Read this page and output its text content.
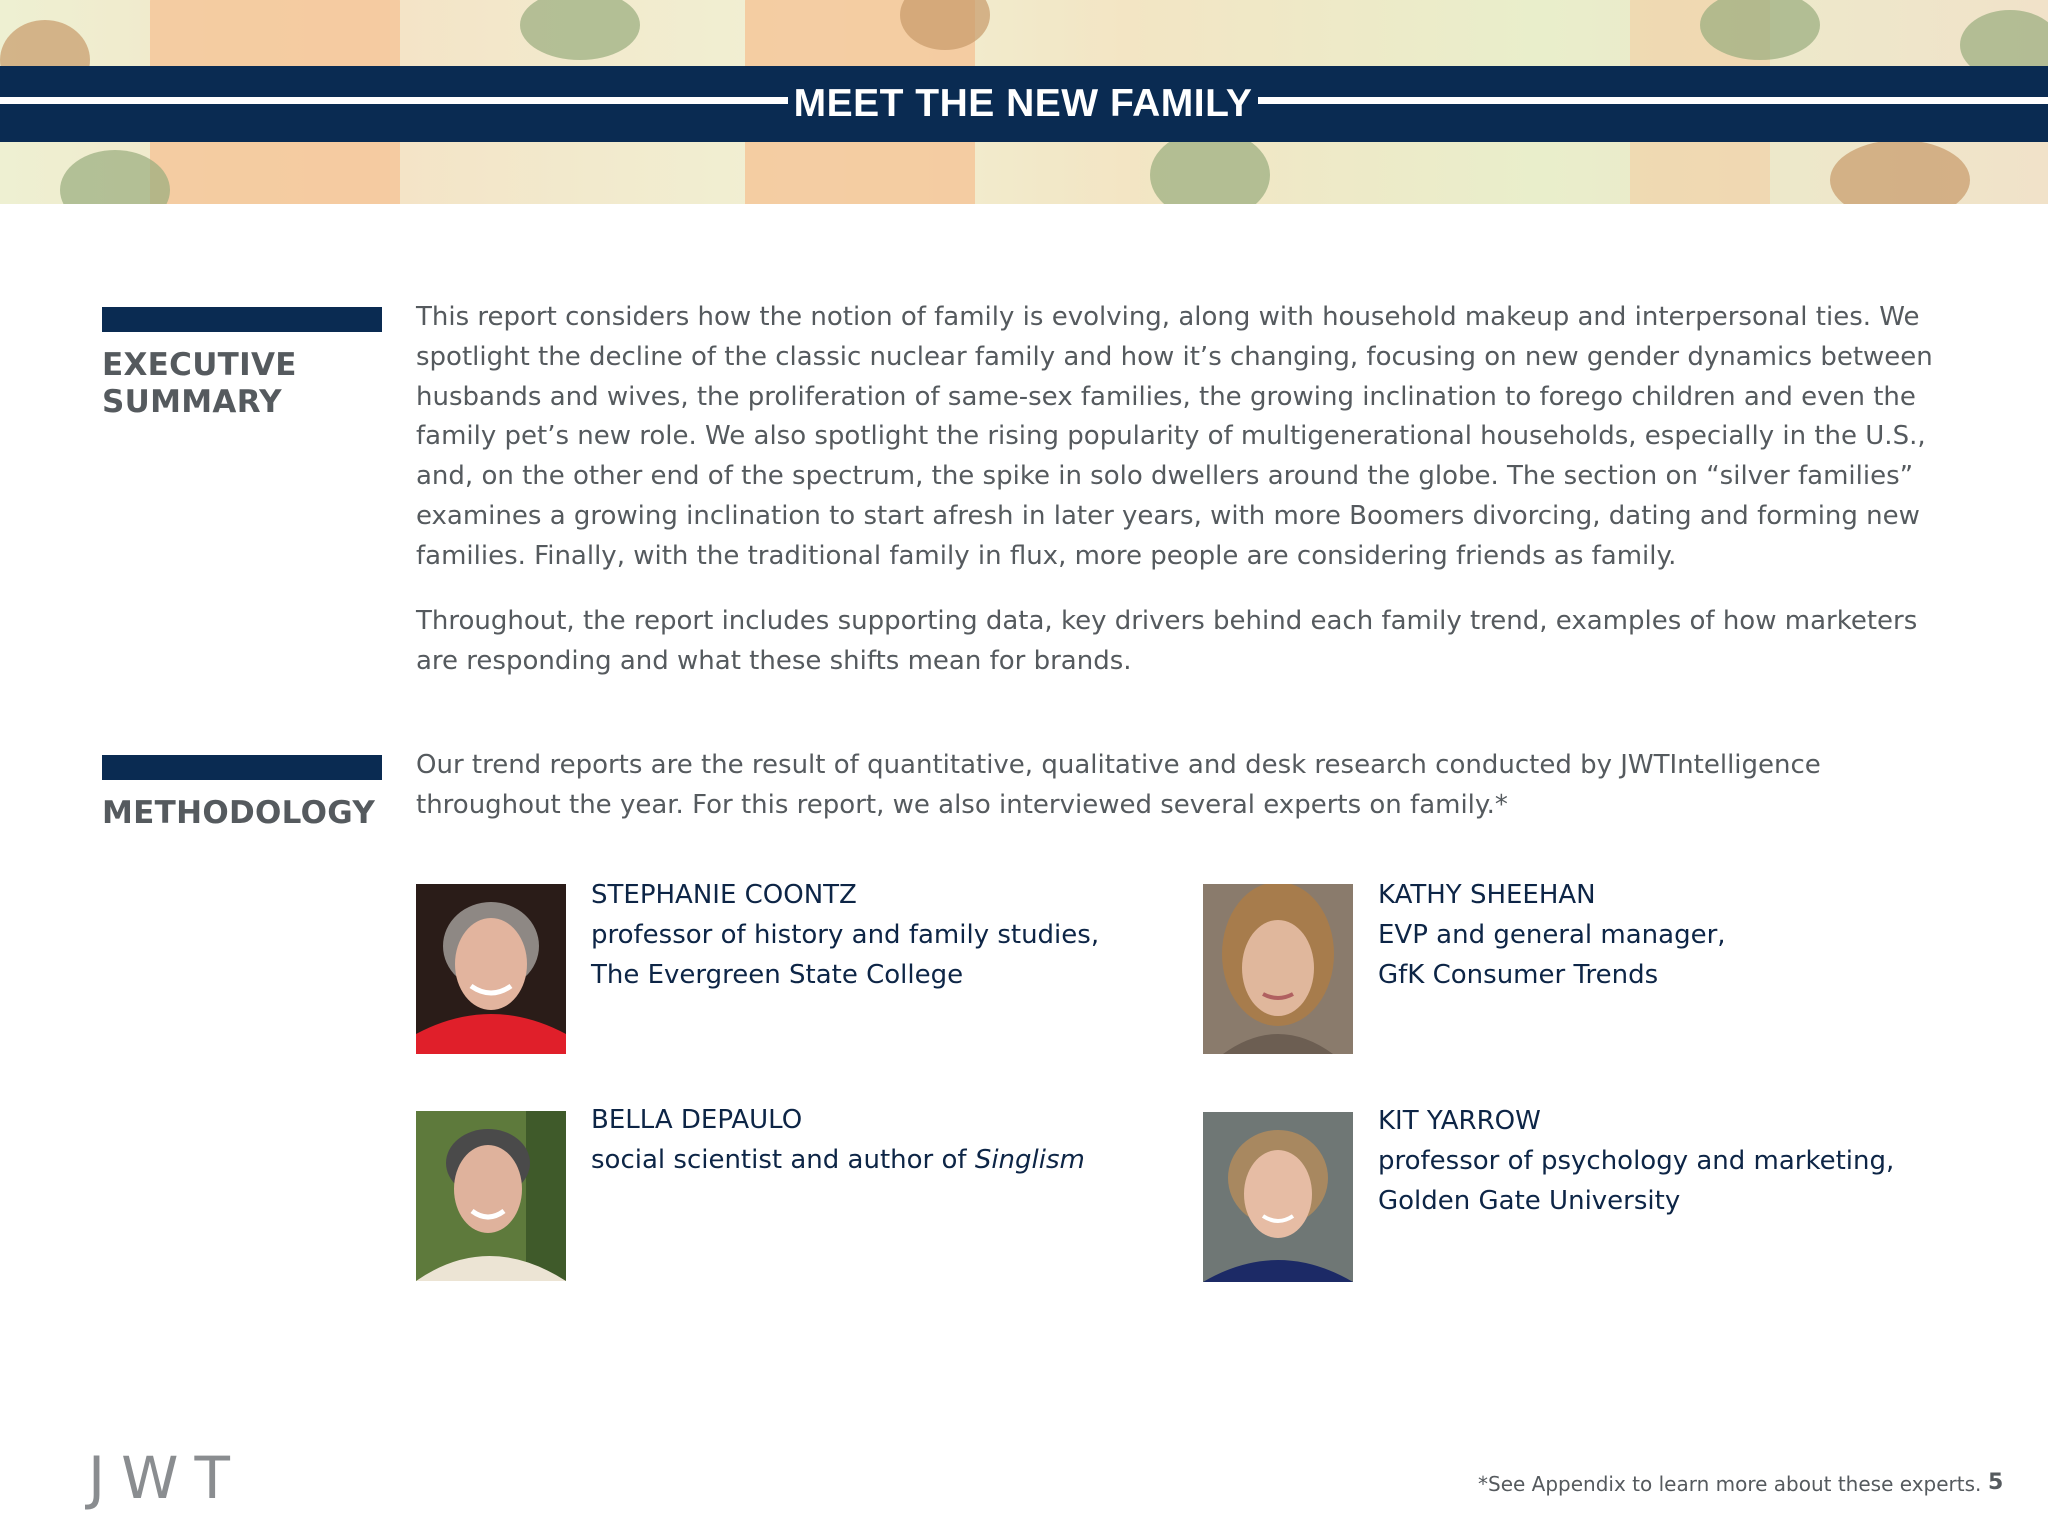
MEET THE NEW FAMILY
EXECUTIVE
SUMMARY

This report considers how the notion of family is evolving, along with household makeup and interpersonal ties. We spotlight the decline of the classic nuclear family and how it’s changing, focusing on new gender dynamics between husbands and wives, the proliferation of same-sex families, the growing inclination to forego children and even the family pet’s new role. We also spotlight the rising popularity of multigenerational households, especially in the U.S., and, on the other end of the spectrum, the spike in solo dwellers around the globe. The section on “silver families” examines a growing inclination to start afresh in later years, with more Boomers divorcing, dating and forming new families. Finally, with the traditional family in flux, more people are considering friends as family.

Throughout, the report includes supporting data, key drivers behind each family trend, examples of how marketers are responding and what these shifts mean for brands.

METHODOLOGY

Our trend reports are the result of quantitative, qualitative and desk research conducted by JWTIntelligence throughout the year. For this report, we also interviewed several experts on family.*

STEPHANIE COONTZ
professor of history and family studies,
The Evergreen State College
KATHY SHEEHAN
EVP and general manager,
GfK Consumer Trends
BELLA DEPAULO
social scientist and author of Singlism
KIT YARROW
professor of psychology and marketing,
Golden Gate University
JWT	*See Appendix to learn more about these experts. 5
